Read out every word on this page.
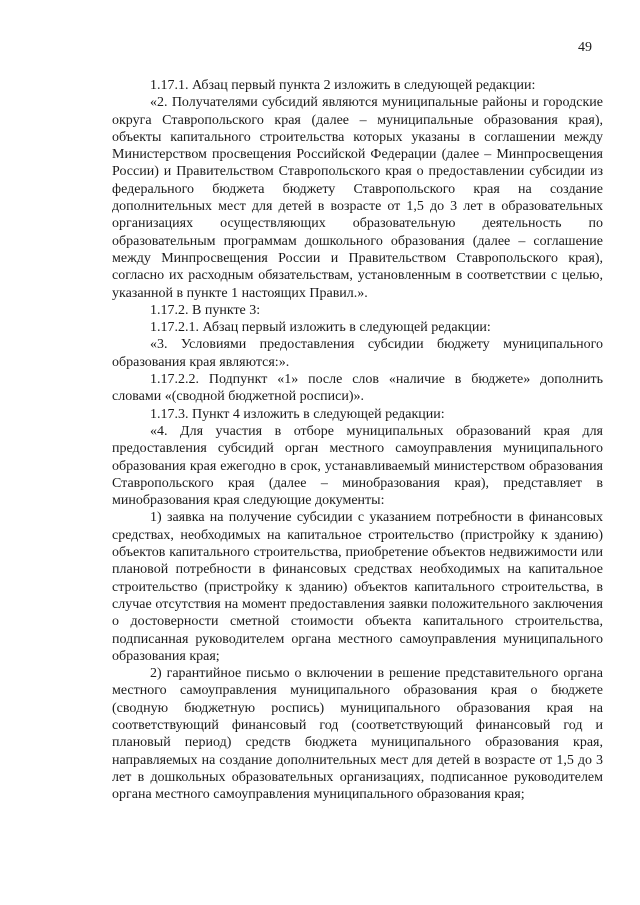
49

1.17.1. Абзац первый пункта 2 изложить в следующей редакции:

«2. Получателями субсидий являются муниципальные районы и городские округа Ставропольского края (далее – муниципальные образования края), объекты капитального строительства которых указаны в соглашении между Министерством просвещения Российской Федерации (далее – Минпросвещения России) и Правительством Ставропольского края о предоставлении субсидии из федерального бюджета бюджету Ставропольского края на создание дополнительных мест для детей в возрасте от 1,5 до 3 лет в образовательных организациях осуществляющих образовательную деятельность по образовательным программам дошкольного образования (далее – соглашение между Минпросвещения России и Правительством Ставропольского края), согласно их расходным обязательствам, установленным в соответствии с целью, указанной в пункте 1 настоящих Правил.».

1.17.2. В пункте 3:

1.17.2.1. Абзац первый изложить в следующей редакции:

«3. Условиями предоставления субсидии бюджету муниципального образования края являются:».

1.17.2.2. Подпункт «1» после слов «наличие в бюджете» дополнить словами «(сводной бюджетной росписи)».

1.17.3. Пункт 4 изложить в следующей редакции:

«4. Для участия в отборе муниципальных образований края для предоставления субсидий орган местного самоуправления муниципального образования края ежегодно в срок, устанавливаемый министерством образования Ставропольского края (далее – минобразования края), представляет в минобразования края следующие документы:

1) заявка на получение субсидии с указанием потребности в финансовых средствах, необходимых на капитальное строительство (пристройку к зданию) объектов капитального строительства, приобретение объектов недвижимости или плановой потребности в финансовых средствах необходимых на капитальное строительство (пристройку к зданию) объектов капитального строительства, в случае отсутствия на момент предоставления заявки положительного заключения о достоверности сметной стоимости объекта капитального строительства, подписанная руководителем органа местного самоуправления муниципального образования края;

2) гарантийное письмо о включении в решение представительного органа местного самоуправления муниципального образования края о бюджете (сводную бюджетную роспись) муниципального образования края на соответствующий финансовый год (соответствующий финансовый год и плановый период) средств бюджета муниципального образования края, направляемых на создание дополнительных мест для детей в возрасте от 1,5 до 3 лет в дошкольных образовательных организациях, подписанное руководителем органа местного самоуправления муниципального образования края;
